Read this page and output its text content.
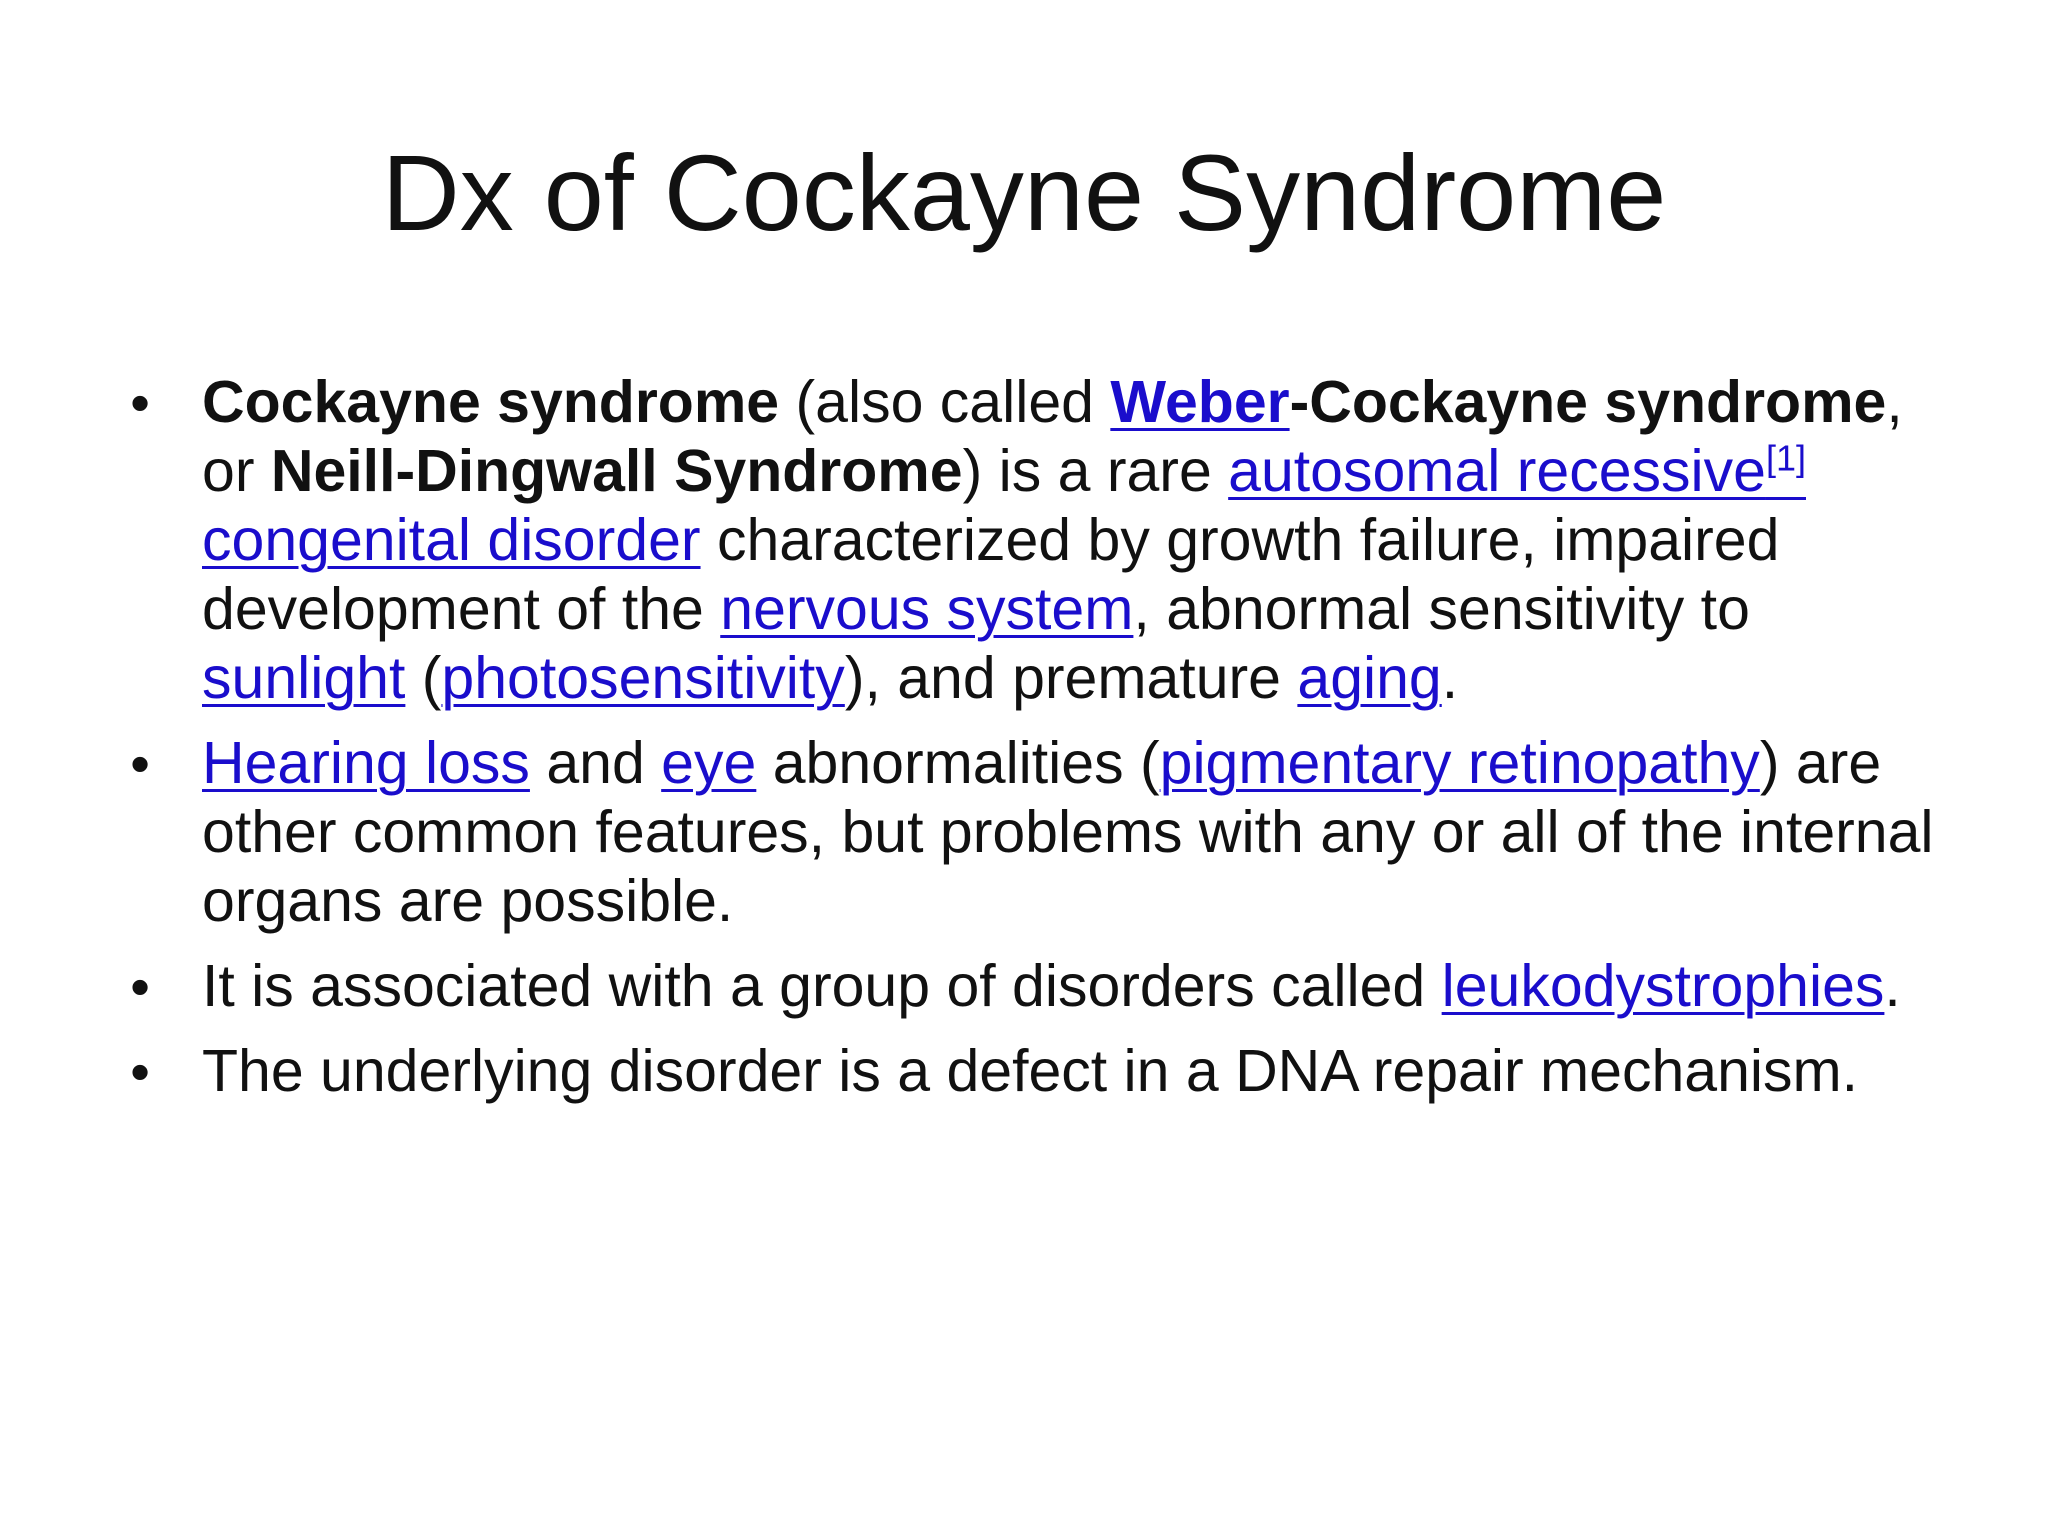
Dx of Cockayne Syndrome
• Cockayne syndrome (also called Weber-Cockayne syndrome, or Neill-Dingwall Syndrome) is a rare autosomal recessive[1] congenital disorder characterized by growth failure, impaired development of the nervous system, abnormal sensitivity to sunlight (photosensitivity), and premature aging.
• Hearing loss and eye abnormalities (pigmentary retinopathy) are other common features, but problems with any or all of the internal organs are possible.
• It is associated with a group of disorders called leukodystrophies.
• The underlying disorder is a defect in a DNA repair mechanism.
